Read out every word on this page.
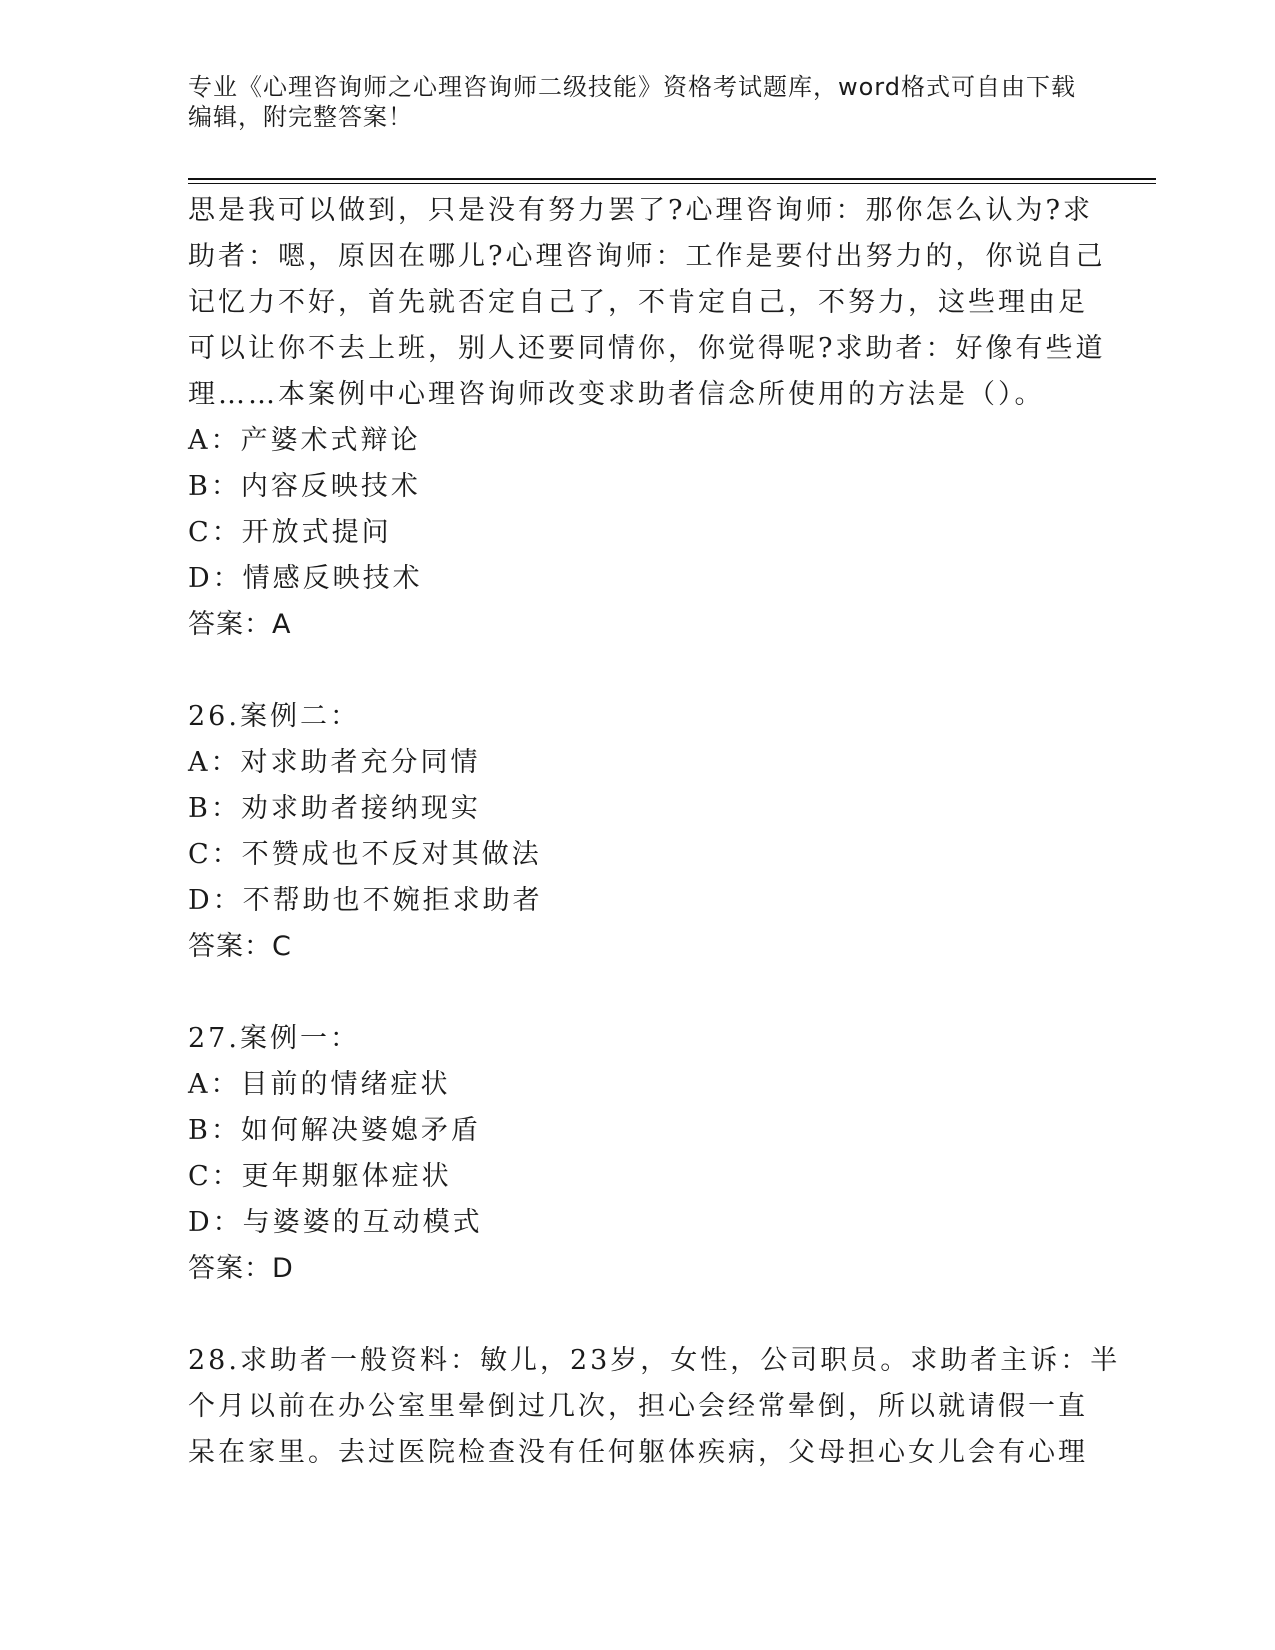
专业《心理咨询师之心理咨询师二级技能》资格考试题库，word格式可自由下载
编辑，附完整答案！
思是我可以做到，只是没有努力罢了?心理咨询师：那你怎么认为?求
助者：嗯，原因在哪儿?心理咨询师：工作是要付出努力的，你说自己
记忆力不好，首先就否定自己了，不肯定自己，不努力，这些理由足
可以让你不去上班，别人还要同情你，你觉得呢?求助者：好像有些道
理……本案例中心理咨询师改变求助者信念所使用的方法是（）。
A：产婆术式辩论
B：内容反映技术
C：开放式提问
D：情感反映技术
答案：A
26.案例二：
A：对求助者充分同情
B：劝求助者接纳现实
C：不赞成也不反对其做法
D：不帮助也不婉拒求助者
答案：C
27.案例一：
A：目前的情绪症状
B：如何解决婆媳矛盾
C：更年期躯体症状
D：与婆婆的互动模式
答案：D
28.求助者一般资料：敏儿，23岁，女性，公司职员。求助者主诉：半
个月以前在办公室里晕倒过几次，担心会经常晕倒，所以就请假一直
呆在家里。去过医院检查没有任何躯体疾病，父母担心女儿会有心理
